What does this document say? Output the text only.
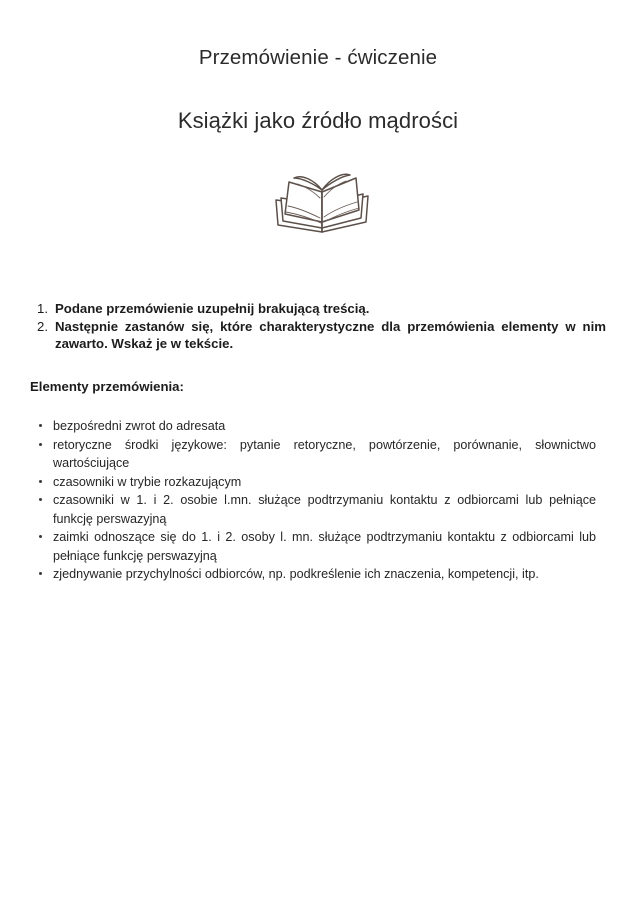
Przemówienie - ćwiczenie
Książki jako źródło mądrości
1. Podane przemówienie uzupełnij brakującą treścią.
2. Następnie zastanów się, które charakterystyczne dla przemówienia elementy w nim zawarto. Wskaż je w tekście.
Elementy przemówienia:
bezpośredni zwrot do adresata
retoryczne środki językowe: pytanie retoryczne, powtórzenie, porównanie, słownictwo wartościujące
czasowniki w trybie rozkazującym
czasowniki w 1. i 2. osobie l.mn. służące podtrzymaniu kontaktu z odbiorcami lub pełniące funkcję perswazyjną
zaimki odnoszące się do 1. i 2. osoby l. mn. służące podtrzymaniu kontaktu z odbiorcami lub pełniące funkcję perswazyjną
zjednywanie przychylności odbiorców, np. podkreślenie ich znaczenia, kompetencji, itp.
